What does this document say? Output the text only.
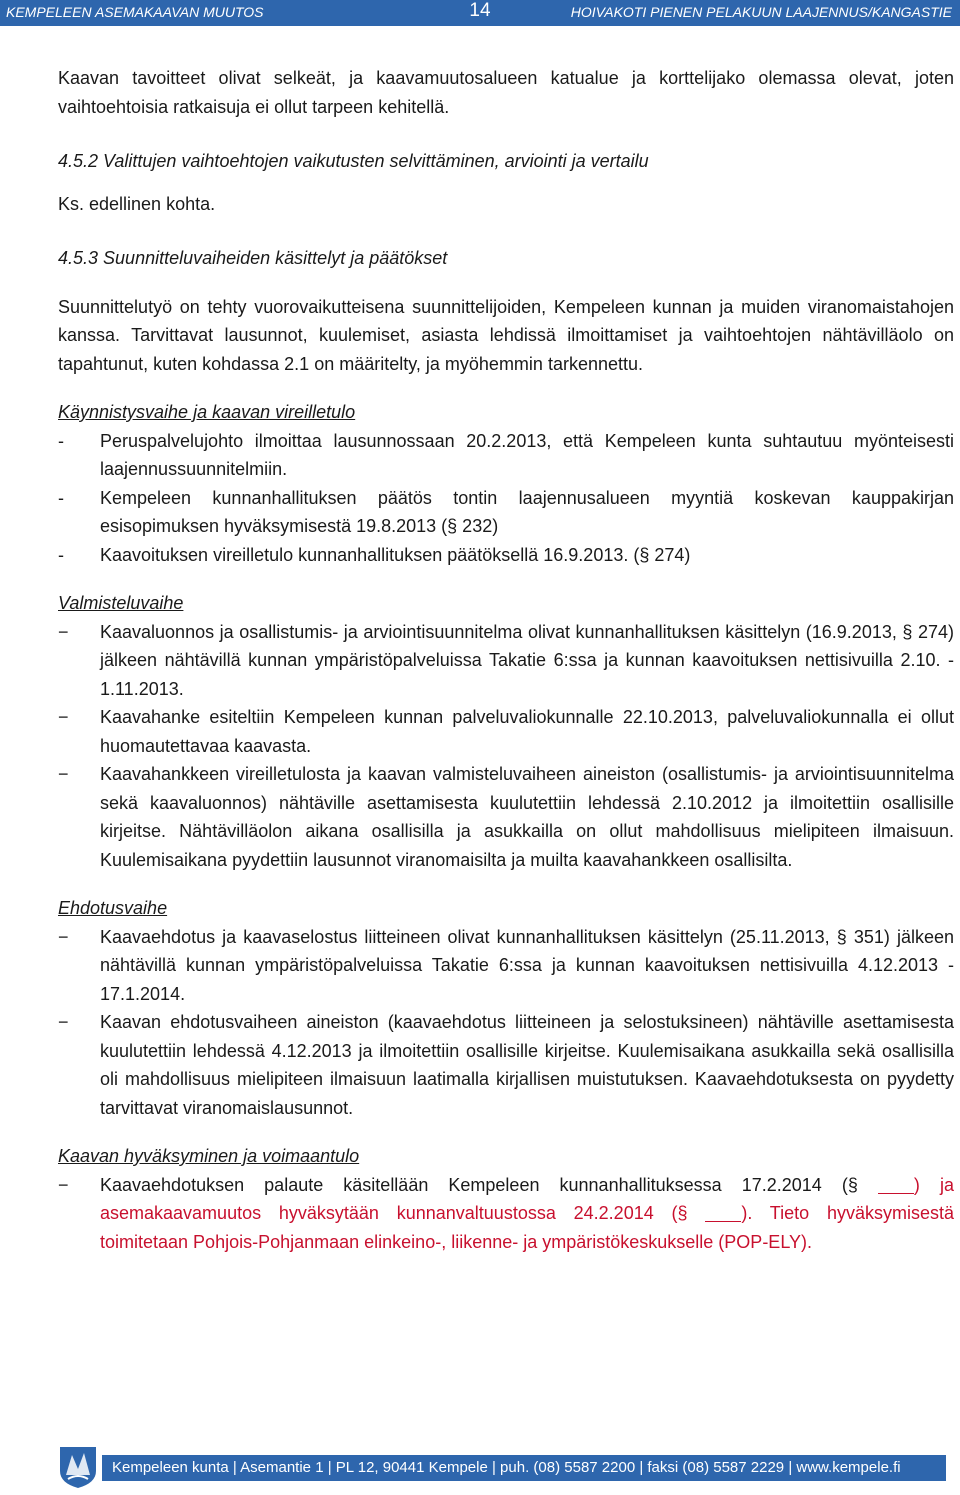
KEMPELEEN ASEMAKAAVAN MUUTOS	14	HOIVAKOTI PIENEN PELAKUUN LAAJENNUS/KANGASTIE

Kaavan tavoitteet olivat selkeät, ja kaavamuutosalueen katualue ja korttelijako olemassa olevat, joten vaihtoehtoisia ratkaisuja ei ollut tarpeen kehitellä.

4.5.2 Valittujen vaihtoehtojen vaikutusten selvittäminen, arviointi ja vertailu

Ks. edellinen kohta.

4.5.3 Suunnitteluvaiheiden käsittelyt ja päätökset

Suunnittelutyö on tehty vuorovaikutteisena suunnittelijoiden, Kempeleen kunnan ja muiden viranomaistahojen kanssa. Tarvittavat lausunnot, kuulemiset, asiasta lehdissä ilmoittamiset ja vaihtoehtojen nähtävilläolo on tapahtunut, kuten kohdassa 2.1 on määritelty, ja myöhemmin tarkennettu.

Käynnistysvaihe ja kaavan vireilletulo

- Peruspalvelujohto ilmoittaa lausunnossaan 20.2.2013, että Kempeleen kunta suhtautuu myönteisesti laajennussuunnitelmiin.
- Kempeleen kunnanhallituksen päätös tontin laajennusalueen myyntiä koskevan kauppakirjan esisopimuksen hyväksymisestä 19.8.2013 (§ 232)
- Kaavoituksen vireilletulo kunnanhallituksen päätöksellä 16.9.2013. (§ 274)

Valmisteluvaihe

− Kaavaluonnos ja osallistumis- ja arviointisuunnitelma olivat kunnanhallituksen käsittelyn (16.9.2013, § 274) jälkeen nähtävillä kunnan ympäristöpalveluissa Takatie 6:ssa ja kunnan kaavoituksen nettisivuilla 2.10. - 1.11.2013.
− Kaavahanke esiteltiin Kempeleen kunnan palveluvaliokunnalle 22.10.2013, palveluvaliokunnalla ei ollut huomautettavaa kaavasta.
− Kaavahankkeen vireilletulosta ja kaavan valmisteluvaiheen aineiston (osallistumis- ja arviointisuunnitelma sekä kaavaluonnos) nähtäville asettamisesta kuulutettiin lehdessä 2.10.2012 ja ilmoitettiin osallisille kirjeitse. Nähtävilläolon aikana osallisilla ja asukkailla on ollut mahdollisuus mielipiteen ilmaisuun. Kuulemisaikana pyydettiin lausunnot viranomaisilta ja muilta kaavahankkeen osallisilta.

Ehdotusvaihe

− Kaavaehdotus ja kaavaselostus liitteineen olivat kunnanhallituksen käsittelyn (25.11.2013, § 351) jälkeen nähtävillä kunnan ympäristöpalveluissa Takatie 6:ssa ja kunnan kaavoituksen nettisivuilla 4.12.2013 - 17.1.2014.
− Kaavan ehdotusvaiheen aineiston (kaavaehdotus liitteineen ja selostuksineen) nähtäville asettamisesta kuulutettiin lehdessä 4.12.2013 ja ilmoitettiin osallisille kirjeitse. Kuulemisaikana asukkailla sekä osallisilla oli mahdollisuus mielipiteen ilmaisuun laatimalla kirjallisen muistutuksen. Kaavaehdotuksesta on pyydetty tarvittavat viranomaislausunnot.

Kaavan hyväksyminen ja voimaantulo

− Kaavaehdotuksen palaute käsitellään Kempeleen kunnanhallituksessa 17.2.2014 (§	) ja asemakaavamuutos hyväksytään kunnanvaltuustossa 24.2.2014 (§	). Tieto hyväksymisestä toimitetaan Pohjois-Pohjanmaan elinkeino-, liikenne- ja ympäristökeskukselle (POP-ELY).
Kempeleen kunta | Asemantie 1 | PL 12, 90441 Kempele | puh. (08) 5587 2200 | faksi (08) 5587 2229 | www.kempele.fi
